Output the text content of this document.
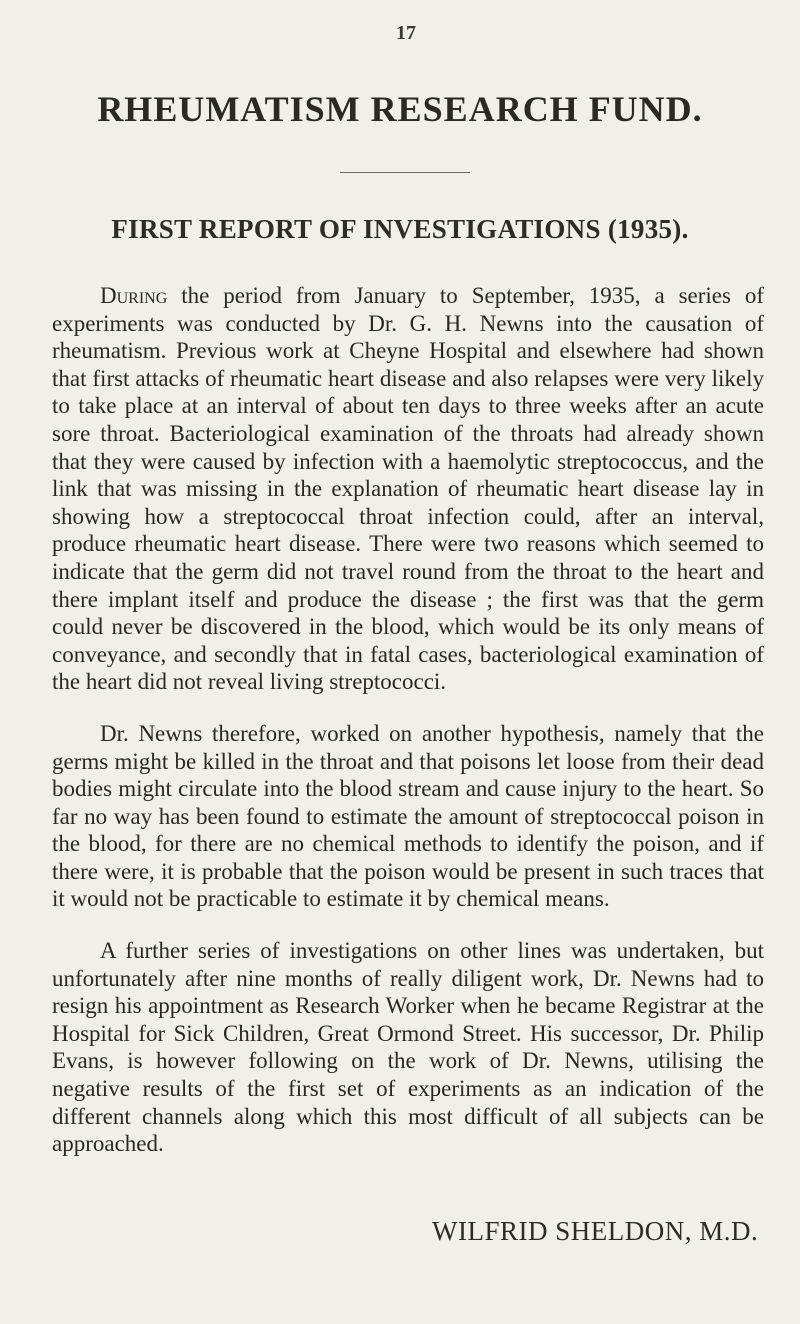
17
RHEUMATISM RESEARCH FUND.
FIRST REPORT OF INVESTIGATIONS (1935).

During the period from January to September, 1935, a series of experiments was conducted by Dr. G. H. Newns into the causation of rheumatism. Previous work at Cheyne Hospital and elsewhere had shown that first attacks of rheumatic heart disease and also relapses were very likely to take place at an interval of about ten days to three weeks after an acute sore throat. Bacteriological examination of the throats had already shown that they were caused by infection with a haemolytic streptococcus, and the link that was missing in the explanation of rheumatic heart disease lay in showing how a streptococcal throat infection could, after an interval, produce rheumatic heart disease. There were two reasons which seemed to indicate that the germ did not travel round from the throat to the heart and there implant itself and produce the disease ; the first was that the germ could never be discovered in the blood, which would be its only means of conveyance, and secondly that in fatal cases, bacteriological examination of the heart did not reveal living streptococci.

Dr. Newns therefore, worked on another hypothesis, namely that the germs might be killed in the throat and that poisons let loose from their dead bodies might circulate into the blood stream and cause injury to the heart. So far no way has been found to estimate the amount of streptococcal poison in the blood, for there are no chemical methods to identify the poison, and if there were, it is probable that the poison would be present in such traces that it would not be practicable to estimate it by chemical means.

A further series of investigations on other lines was undertaken, but unfortunately after nine months of really diligent work, Dr. Newns had to resign his appointment as Research Worker when he became Registrar at the Hospital for Sick Children, Great Ormond Street. His successor, Dr. Philip Evans, is however following on the work of Dr. Newns, utilising the negative results of the first set of experiments as an indication of the different channels along which this most difficult of all subjects can be approached.

WILFRID SHELDON, M.D.
